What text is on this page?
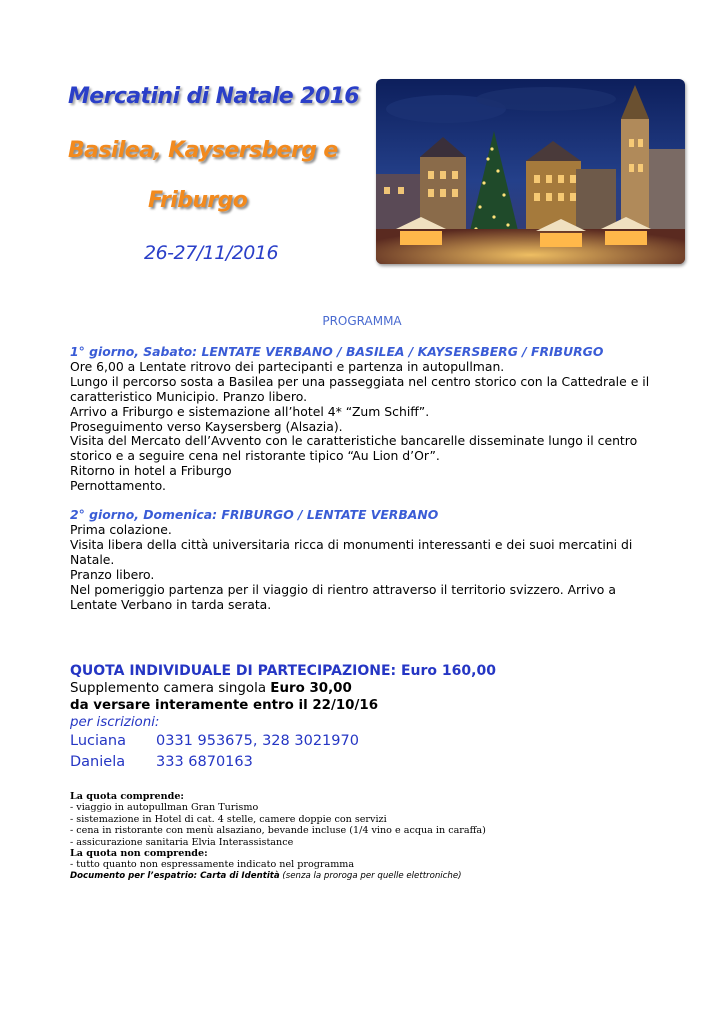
Mercatini di Natale 2016
Basilea, Kaysersberg e
Friburgo
26-27/11/2016
PROGRAMMA
1° giorno, Sabato: LENTATE VERBANO / BASILEA / KAYSERSBERG / FRIBURGO
Ore 6,00 a Lentate ritrovo dei partecipanti e partenza in autopullman.
Lungo il percorso sosta a Basilea per una passeggiata nel centro storico con la Cattedrale e il
caratteristico Municipio. Pranzo libero.
Arrivo a Friburgo e sistemazione all’hotel 4* “Zum Schiff”.
Proseguimento verso Kaysersberg (Alsazia).
Visita del Mercato dell’Avvento con le caratteristiche bancarelle disseminate lungo il centro
storico e a seguire cena nel ristorante tipico “Au Lion d’Or”.
Ritorno in hotel a Friburgo
Pernottamento.
2° giorno, Domenica: FRIBURGO / LENTATE VERBANO
Prima colazione.
Visita libera della città universitaria ricca di monumenti interessanti e dei suoi mercatini di
Natale.
Pranzo libero.
Nel pomeriggio partenza per il viaggio di rientro attraverso il territorio svizzero. Arrivo a
Lentate Verbano in tarda serata.
QUOTA INDIVIDUALE DI PARTECIPAZIONE: Euro 160,00
Supplemento camera singola Euro 30,00
da versare interamente entro il 22/10/16
per iscrizioni:
Luciana 0331 953675, 328 3021970
Daniela 333 6870163
La quota comprende:
- viaggio in autopullman Gran Turismo
- sistemazione in Hotel di cat. 4 stelle, camere doppie con servizi
- cena in ristorante con menù alsaziano, bevande incluse (1/4 vino e acqua in caraffa)
- assicurazione sanitaria Elvia Interassistance
La quota non comprende:
- tutto quanto non espressamente indicato nel programma
Documento per l’espatrio: Carta di Identità (senza la proroga per quelle elettroniche)
